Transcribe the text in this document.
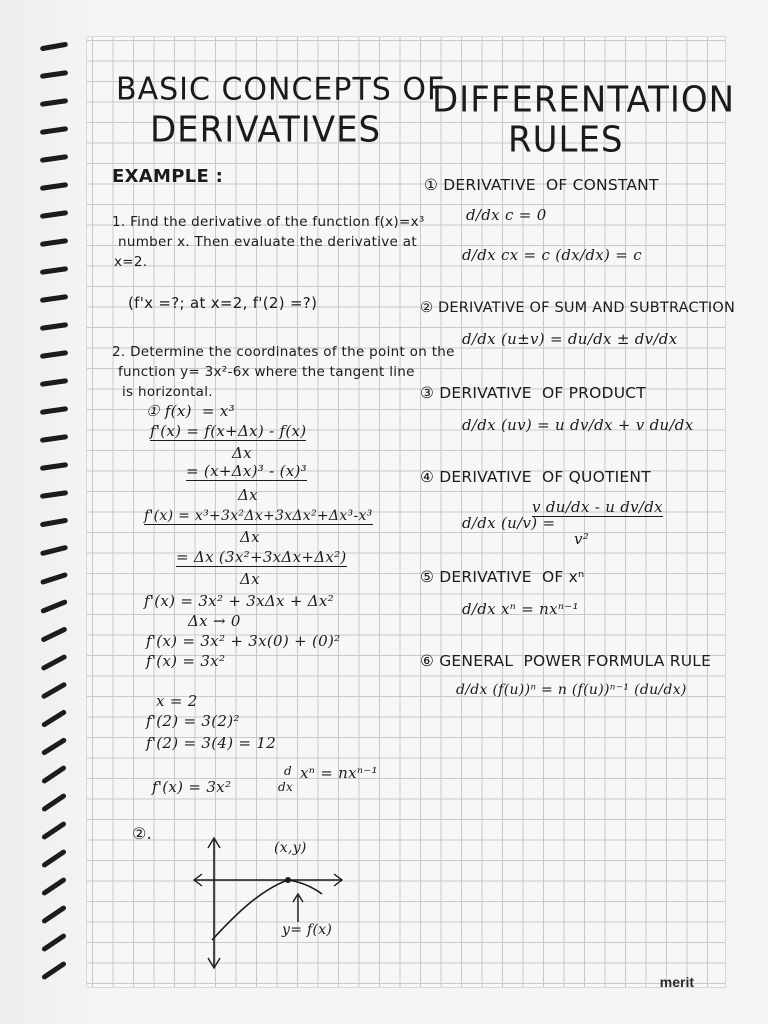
BASIC CONCEPTS OF
DERIVATIVES
EXAMPLE :
1. Find the derivative of the function f(x)=x³
number x. Then evaluate the derivative at
x=2.
(f'x =?; at x=2, f'(2) =?)
2. Determine the coordinates of the point on the
function y= 3x²-6x where the tangent line
is horizontal.
① f(x)  = x³
f'(x) = f(x+Δx) - f(x)
Δx
= (x+Δx)³ - (x)³
Δx
f'(x) = x³+3x²Δx+3xΔx²+Δx³-x³
Δx
= Δx (3x²+3xΔx+Δx²)
Δx
f'(x) = 3x² + 3xΔx + Δx²
Δx → 0
f'(x) = 3x² + 3x(0) + (0)²
f'(x) = 3x²
x = 2
f'(2) = 3(2)²
f'(2) = 3(4) = 12
f'(x) = 3x²
d
dx
xⁿ = nxⁿ⁻¹
②.
(x,y)
y= f(x)
DIFFERENTATION
RULES
① DERIVATIVE  OF CONSTANT
d/dx c = 0
d/dx cx = c (dx/dx) = c
② DERIVATIVE OF SUM AND SUBTRACTION
d/dx (u±v) = du/dx ± dv/dx
③ DERIVATIVE  OF PRODUCT
d/dx (uv) = u dv/dx + v du/dx
④ DERIVATIVE  OF QUOTIENT
d/dx (u/v) =
v du/dx - u dv/dx
v²
⑤ DERIVATIVE  OF xⁿ
d/dx xⁿ = nxⁿ⁻¹
⑥ GENERAL  POWER FORMULA RULE
d/dx (f(u))ⁿ = n (f(u))ⁿ⁻¹ (du/dx)
merit
